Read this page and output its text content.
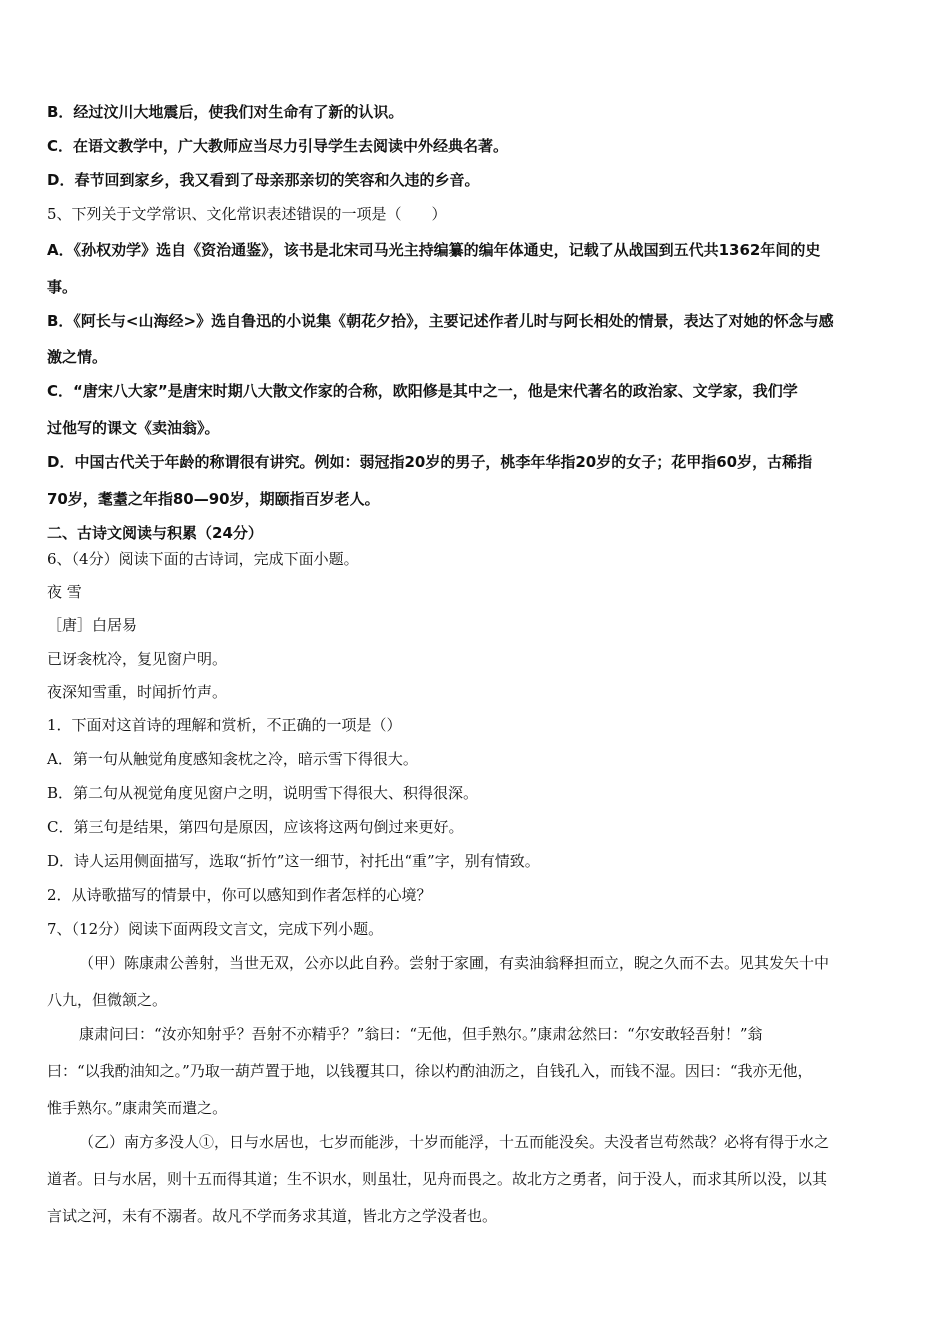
B．经过汶川大地震后，使我们对生命有了新的认识。
C．在语文教学中，广大教师应当尽力引导学生去阅读中外经典名著。
D．春节回到家乡，我又看到了母亲那亲切的笑容和久违的乡音。
5、下列关于文学常识、文化常识表述错误的一项是（　　）
A．《孙权劝学》选自《资治通鉴》，该书是北宋司马光主持编纂的编年体通史，记载了从战国到五代共1362年间的史
事。
B．《阿长与<山海经>》选自鲁迅的小说集《朝花夕拾》，主要记述作者儿时与阿长相处的情景，表达了对她的怀念与感
激之情。
C．“唐宋八大家”是唐宋时期八大散文作家的合称，欧阳修是其中之一，他是宋代著名的政治家、文学家，我们学
过他写的课文《卖油翁》。
D．中国古代关于年龄的称谓很有讲究。例如：弱冠指20岁的男子，桃李年华指20岁的女子；花甲指60岁，古稀指
70岁，耄耋之年指80—90岁，期颐指百岁老人。
二、古诗文阅读与积累（24分）
6、（4分）阅读下面的古诗词，完成下面小题。
夜 雪
［唐］白居易
已讶衾枕冷，复见窗户明。
夜深知雪重，时闻折竹声。
1．下面对这首诗的理解和赏析，不正确的一项是（）
A．第一句从触觉角度感知衾枕之冷，暗示雪下得很大。
B．第二句从视觉角度见窗户之明，说明雪下得很大、积得很深。
C．第三句是结果，第四句是原因，应该将这两句倒过来更好。
D．诗人运用侧面描写，选取“折竹”这一细节，衬托出“重”字，别有情致。
2．从诗歌描写的情景中，你可以感知到作者怎样的心境？
7、（12分）阅读下面两段文言文，完成下列小题。
（甲）陈康肃公善射，当世无双，公亦以此自矜。尝射于家圃，有卖油翁释担而立，睨之久而不去。见其发矢十中
八九，但微颔之。
康肃问曰：“汝亦知射乎？吾射不亦精乎？”翁曰：“无他，但手熟尔。”康肃忿然曰：“尔安敢轻吾射！”翁
曰：“以我酌油知之。”乃取一葫芦置于地，以钱覆其口，徐以杓酌油沥之，自钱孔入，而钱不湿。因曰：“我亦无他，
惟手熟尔。”康肃笑而遣之。
（乙）南方多没人①，日与水居也，七岁而能涉，十岁而能浮，十五而能没矣。夫没者岂苟然哉？必将有得于水之
道者。日与水居，则十五而得其道；生不识水，则虽壮，见舟而畏之。故北方之勇者，问于没人，而求其所以没，以其
言试之河，未有不溺者。故凡不学而务求其道，皆北方之学没者也。
